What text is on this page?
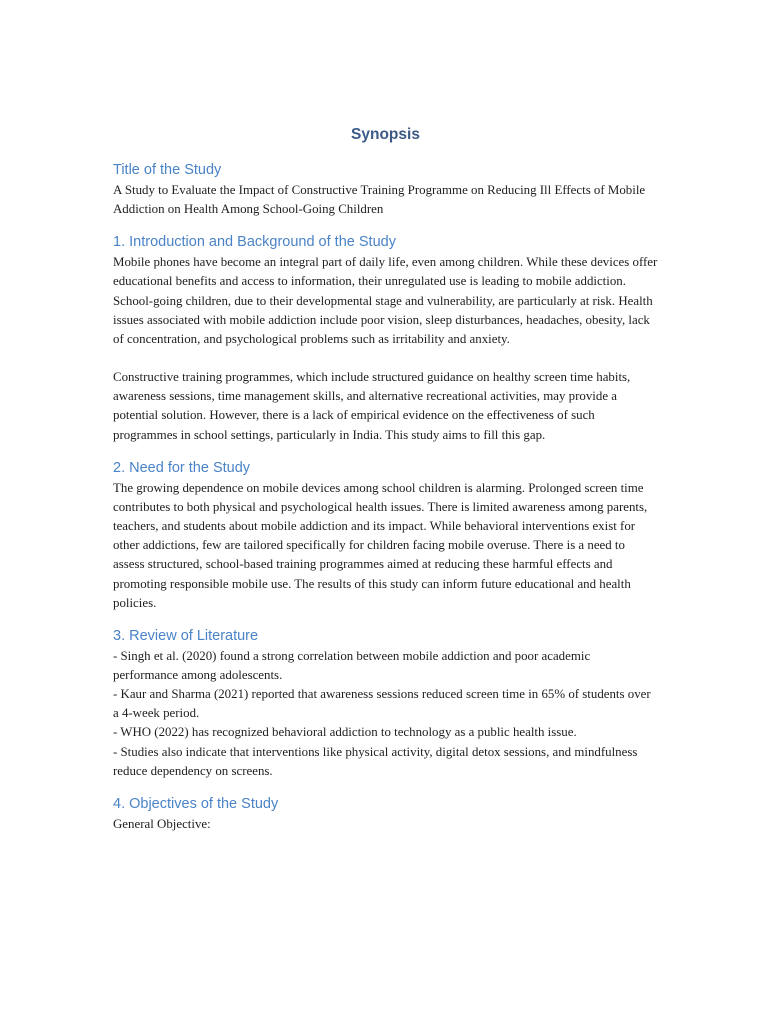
Synopsis
Title of the Study

A Study to Evaluate the Impact of Constructive Training Programme on Reducing Ill Effects of Mobile Addiction on Health Among School-Going Children

1. Introduction and Background of the Study

Mobile phones have become an integral part of daily life, even among children. While these devices offer educational benefits and access to information, their unregulated use is leading to mobile addiction. School-going children, due to their developmental stage and vulnerability, are particularly at risk. Health issues associated with mobile addiction include poor vision, sleep disturbances, headaches, obesity, lack of concentration, and psychological problems such as irritability and anxiety.

Constructive training programmes, which include structured guidance on healthy screen time habits, awareness sessions, time management skills, and alternative recreational activities, may provide a potential solution. However, there is a lack of empirical evidence on the effectiveness of such programmes in school settings, particularly in India. This study aims to fill this gap.

2. Need for the Study

The growing dependence on mobile devices among school children is alarming. Prolonged screen time contributes to both physical and psychological health issues. There is limited awareness among parents, teachers, and students about mobile addiction and its impact. While behavioral interventions exist for other addictions, few are tailored specifically for children facing mobile overuse. There is a need to assess structured, school-based training programmes aimed at reducing these harmful effects and promoting responsible mobile use. The results of this study can inform future educational and health policies.

3. Review of Literature
- Singh et al. (2020) found a strong correlation between mobile addiction and poor academic performance among adolescents.
- Kaur and Sharma (2021) reported that awareness sessions reduced screen time in 65% of students over a 4-week period.
- WHO (2022) has recognized behavioral addiction to technology as a public health issue.
- Studies also indicate that interventions like physical activity, digital detox sessions, and mindfulness reduce dependency on screens.
4. Objectives of the Study

General Objective:
